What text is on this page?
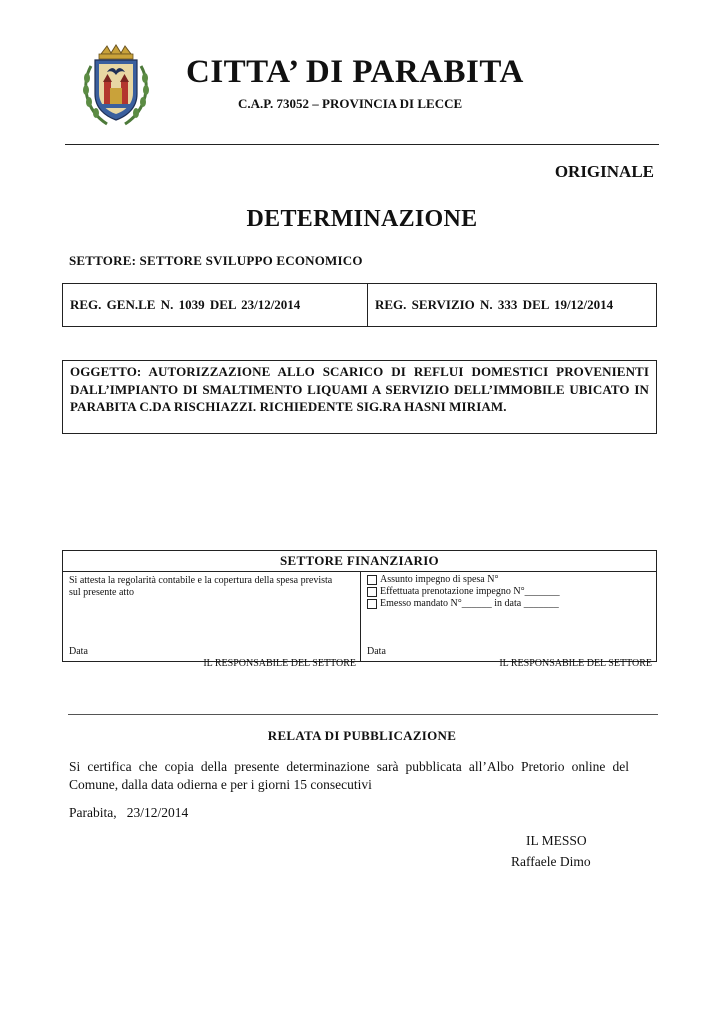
CITTA’ DI PARABITA
C.A.P. 73052 – PROVINCIA DI LECCE
ORIGINALE
DETERMINAZIONE
SETTORE: SETTORE SVILUPPO ECONOMICO
REG. GEN.LE N. 1039 DEL 23/12/2014	REG. SERVIZIO N. 333 DEL 19/12/2014
OGGETTO: AUTORIZZAZIONE ALLO SCARICO DI REFLUI DOMESTICI PROVENIENTI DALL’IMPIANTO DI SMALTIMENTO LIQUAMI A SERVIZIO DELL’IMMOBILE UBICATO IN PARABITA C.DA RISCHIAZZI. RICHIEDENTE SIG.RA HASNI MIRIAM.
SETTORE FINANZIARIO
Si attesta la regolarità contabile e la copertura della spesa prevista sul presente atto
Data
IL RESPONSABILE DEL SETTORE
Assunto impegno di spesa N°
Effettuata prenotazione impegno N°_______
Emesso mandato N°______ in data _______
Data
IL RESPONSABILE DEL SETTORE
RELATA DI PUBBLICAZIONE
Si certifica che copia della presente determinazione sarà pubblicata all’Albo Pretorio online del Comune, dalla data odierna e per i giorni 15 consecutivi
Parabita,   23/12/2014
IL MESSO
Raffaele Dimo
